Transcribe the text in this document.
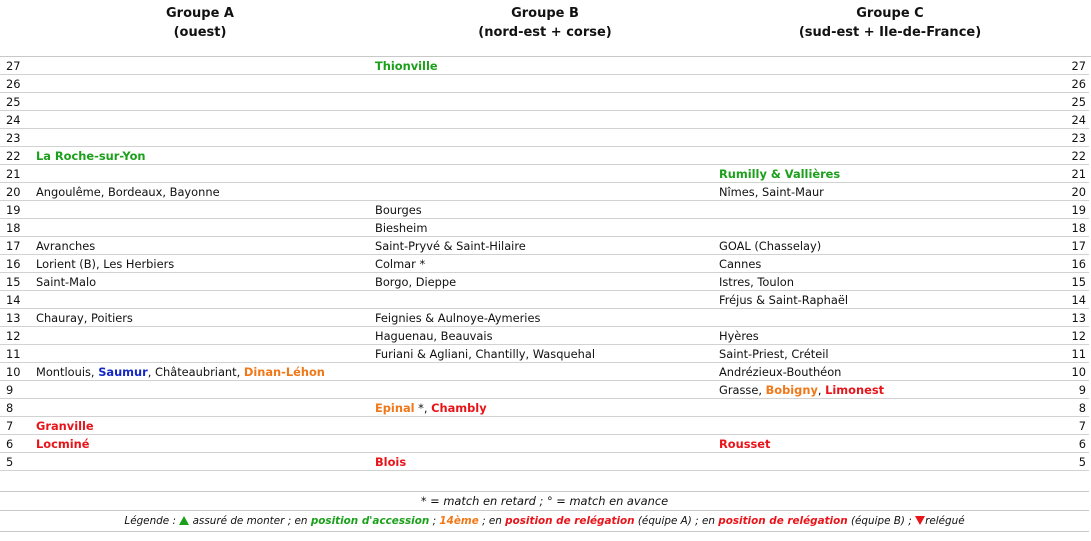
Groupe A
(ouest)
Groupe B
(nord-est + corse)
Groupe C
(sud-est + Ile-de-France)
27		Thionville		27
26				26
25				25
24				24
23				23
22	La Roche-sur-Yon			22
21			Rumilly & Vallières	21
20	Angoulême, Bordeaux, Bayonne		Nîmes, Saint-Maur	20
19		Bourges		19
18		Biesheim		18
17	Avranches	Saint-Pryvé & Saint-Hilaire	GOAL (Chasselay)	17
16	Lorient (B), Les Herbiers	Colmar *	Cannes	16
15	Saint-Malo	Borgo, Dieppe	Istres, Toulon	15
14			Fréjus & Saint-Raphaël	14
13	Chauray, Poitiers	Feignies & Aulnoye-Aymeries		13
12		Haguenau, Beauvais	Hyères	12
11		Furiani & Agliani, Chantilly, Wasquehal	Saint-Priest, Créteil	11
10	Montlouis, Saumur, Châteaubriant, Dinan-Léhon		Andrézieux-Bouthéon	10
9			Grasse, Bobigny, Limonest	9
8		Epinal *, Chambly		8
7	Granville			7
6	Locminé		Rousset	6
5		Blois		5
* = match en retard ; ° = match en avance
Légende :  assuré de monter ; en position d'accession ; 14ème ; en position de relégation (équipe A) ; en position de relégation (équipe B) ; relégué
